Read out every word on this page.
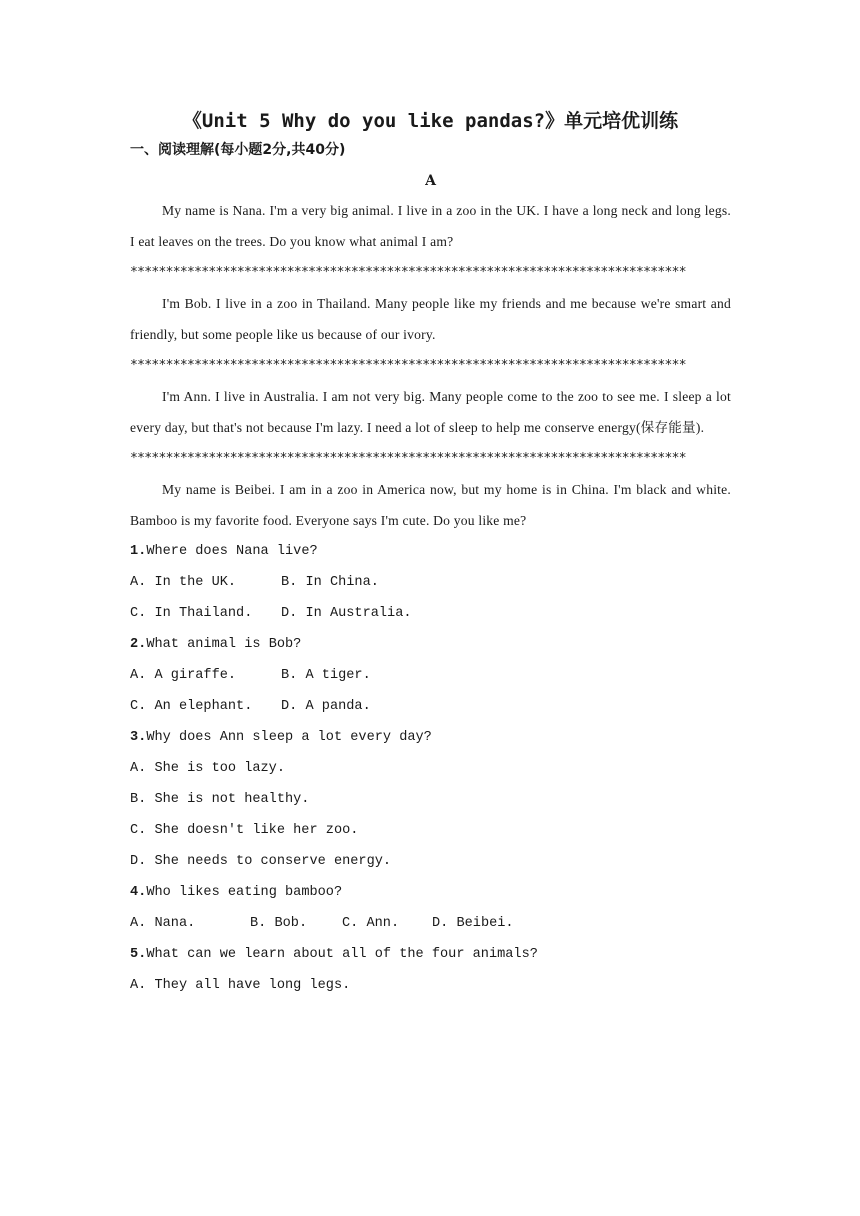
《Unit 5 Why do you like pandas?》单元培优训练
一、阅读理解(每小题2分,共40分)
A
My name is Nana. I'm a very big animal. I live in a zoo in the UK. I have a long neck and long legs. I eat leaves on the trees. Do you know what animal I am?
******************************************************************************
I'm Bob. I live in a zoo in Thailand. Many people like my friends and me because we're smart and friendly, but some people like us because of our ivory.
******************************************************************************
I'm Ann. I live in Australia. I am not very big. Many people come to the zoo to see me. I sleep a lot every day, but that's not because I'm lazy. I need a lot of sleep to help me conserve energy(保存能量).
******************************************************************************
My name is Beibei. I am in a zoo in America now, but my home is in China. I'm black and white. Bamboo is my favorite food. Everyone says I'm cute. Do you like me?
1.Where does Nana live?
A. In the UK.	B. In China.
C. In Thailand. D. In Australia.
2.What animal is Bob?
A. A giraffe.	B. A tiger.
C. An elephant. D. A panda.
3.Why does Ann sleep a lot every day?
A. She is too lazy.
B. She is not healthy.
C. She doesn't like her zoo.
D. She needs to conserve energy.
4.Who likes eating bamboo?
A. Nana.	B. Bob.	C. Ann. D. Beibei.
5.What can we learn about all of the four animals?
A. They all have long legs.
